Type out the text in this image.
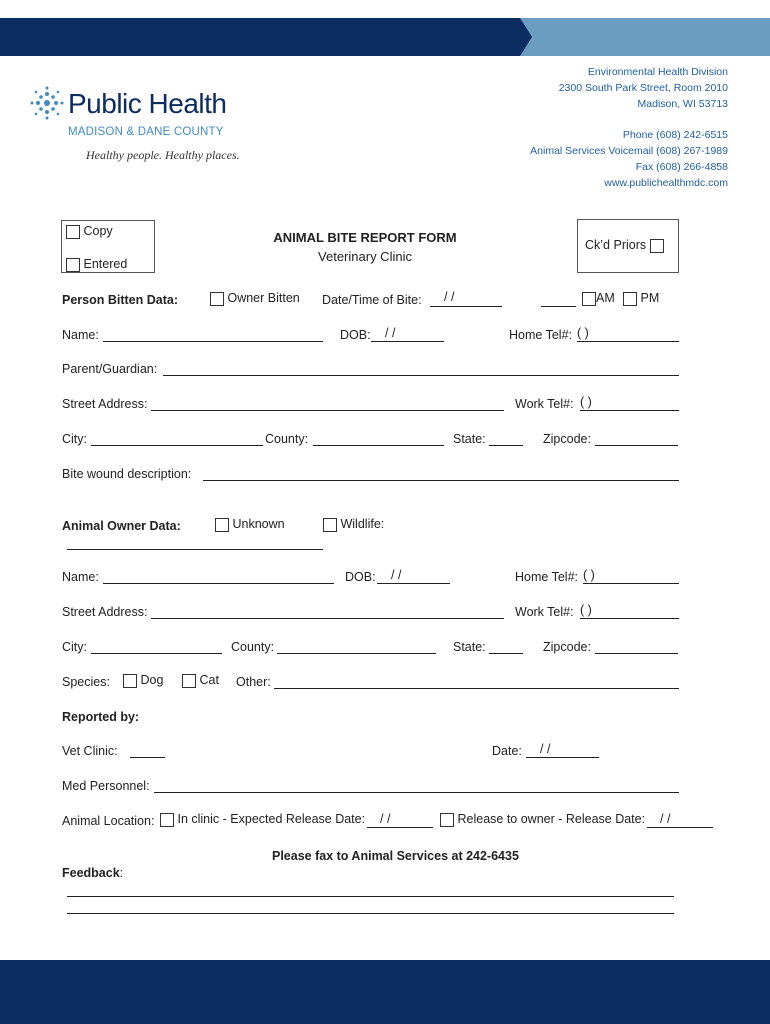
Public Health
MADISON & DANE COUNTY
Healthy people. Healthy places.
Environmental Health Division
2300 South Park Street, Room 2010
Madison, WI 53713
Phone (608) 242-6515
Animal Services Voicemail (608) 267-1989
Fax (608) 266-4858
www.publichealthmdc.com
Copy
Entered
ANIMAL BITE REPORT FORM
Veterinary Clinic
Ck’d Priors
Person Bitten Data:	Owner Bitten Date/Time of Bite: / /	AM	PM
Name:	DOB: / /	Home Tel#: ( )
Parent/Guardian:
Street Address:	Work Tel#: ( )
City:	County:	State:	Zipcode:
Bite wound description:
Animal Owner Data:	Unknown	Wildlife:
Name:	DOB: / /	Home Tel#: ( )
Street Address:	Work Tel#: ( )
City:	County:	State:	Zipcode:
Species:	Dog	Cat Other:
Reported by:
Vet Clinic:	Date: / /
Med Personnel:
Animal Location:	In clinic - Expected Release Date: / /	Release to owner - Release Date: / /
Please fax to Animal Services at 242-6435
Feedback:
